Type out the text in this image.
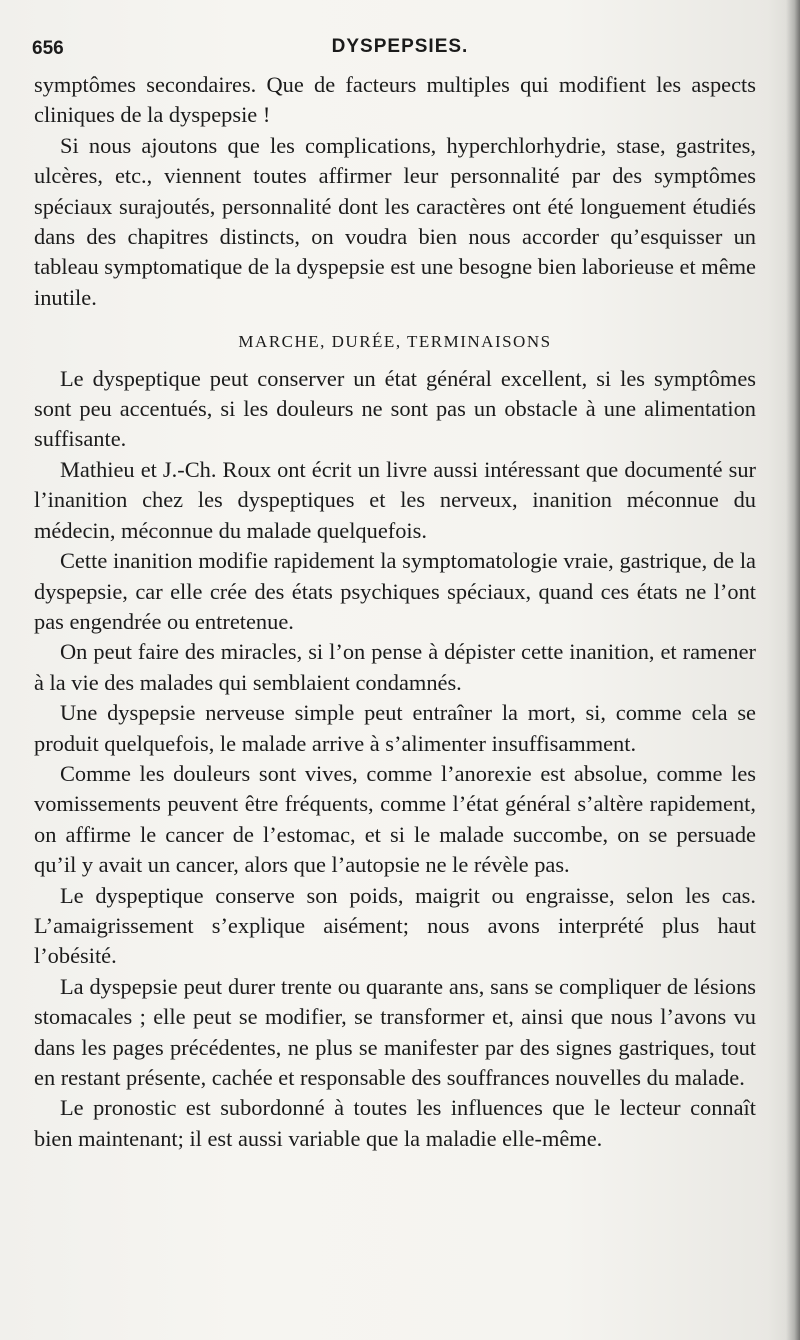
656	DYSPEPSIES.

symptômes secondaires. Que de facteurs multiples qui modifient les aspects cliniques de la dyspepsie !

Si nous ajoutons que les complications, hyperchlorhydrie, stase, gastrites, ulcères, etc., viennent toutes affirmer leur personnalité par des symptômes spéciaux surajoutés, personnalité dont les caractères ont été longuement étudiés dans des chapitres distincts, on voudra bien nous accorder qu’esquisser un tableau symptomatique de la dyspepsie est une besogne bien laborieuse et même inutile.

MARCHE, DURÉE, TERMINAISONS

Le dyspeptique peut conserver un état général excellent, si les symptômes sont peu accentués, si les douleurs ne sont pas un obstacle à une alimentation suffisante.

Mathieu et J.-Ch. Roux ont écrit un livre aussi intéressant que documenté sur l’inanition chez les dyspeptiques et les nerveux, inanition méconnue du médecin, méconnue du malade quelquefois.

Cette inanition modifie rapidement la symptomatologie vraie, gastrique, de la dyspepsie, car elle crée des états psychiques spéciaux, quand ces états ne l’ont pas engendrée ou entretenue.

On peut faire des miracles, si l’on pense à dépister cette inanition, et ramener à la vie des malades qui semblaient condamnés.

Une dyspepsie nerveuse simple peut entraîner la mort, si, comme cela se produit quelquefois, le malade arrive à s’alimenter insuffisamment.

Comme les douleurs sont vives, comme l’anorexie est absolue, comme les vomissements peuvent être fréquents, comme l’état général s’altère rapidement, on affirme le cancer de l’estomac, et si le malade succombe, on se persuade qu’il y avait un cancer, alors que l’autopsie ne le révèle pas.

Le dyspeptique conserve son poids, maigrit ou engraisse, selon les cas. L’amaigrissement s’explique aisément; nous avons interprété plus haut l’obésité.

La dyspepsie peut durer trente ou quarante ans, sans se compliquer de lésions stomacales ; elle peut se modifier, se transformer et, ainsi que nous l’avons vu dans les pages précédentes, ne plus se manifester par des signes gastriques, tout en restant présente, cachée et responsable des souffrances nouvelles du malade.

Le pronostic est subordonné à toutes les influences que le lecteur connaît bien maintenant; il est aussi variable que la maladie elle-même.
